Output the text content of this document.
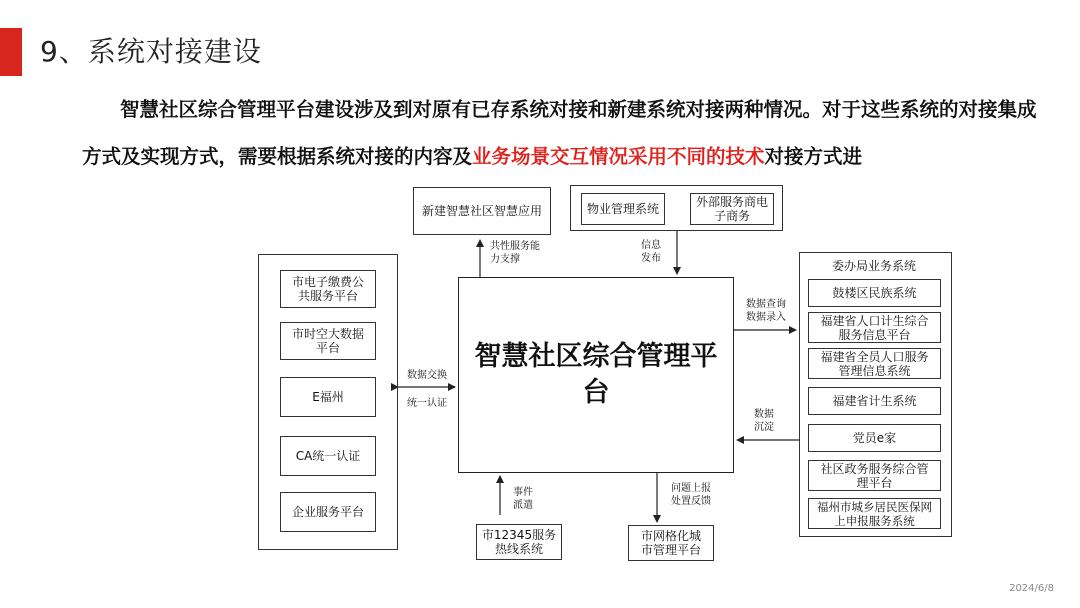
9、系统对接建设
智慧社区综合管理平台建设涉及到对原有已存系统对接和新建系统对接两种情况。对于这些系统的对接集成方式及实现方式，需要根据系统对接的内容及业务场景交互情况采用不同的技术对接方式进
新建智慧社区智慧应用	物业管理系统	外部服务商电子商务
智慧社区综合管理平台
市电子缴费公共服务平台
市时空大数据平台
E福州
CA统一认证
企业服务平台
委办局业务系统
鼓楼区民族系统
福建省人口计生综合服务信息平台
福建省全员人口服务管理信息系统
福建省计生系统
党员e家
社区政务服务综合管理平台
福州市城乡居民医保网上申报服务系统
市12345服务热线系统
市网格化城市管理平台
共性服务能力支撑
信息发布
数据交换
统一认证
数据查询数据录入
数据沉淀
事件派遣
问题上报处置反馈
2024/6/8
